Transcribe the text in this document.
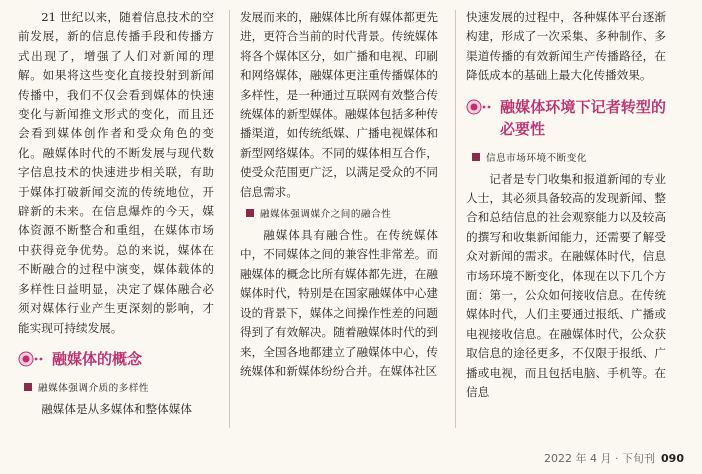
21 世纪以来，随着信息技术的空前发展，新的信息传播手段和传播方式出现了，增强了人们对新闻的理解。如果将这些变化直接投射到新闻传播中，我们不仅会看到媒体的快速变化与新闻推文形式的变化，而且还会看到媒体创作者和受众角色的变化。融媒体时代的不断发展与现代数字信息技术的快速进步相关联，有助于媒体打破新闻交流的传统地位，开辟新的未来。在信息爆炸的今天，媒体资源不断整合和重组，在媒体市场中获得竞争优势。总的来说，媒体在不断融合的过程中演变，媒体载体的多样性日益明显，决定了媒体融合必须对媒体行业产生更深刻的影响，才能实现可持续发展。

融媒体的概念
融媒体强调介质的多样性

融媒体是从多媒体和整体媒体

发展而来的，融媒体比所有媒体都更先进，更符合当前的时代背景。传统媒体将各个媒体区分，如广播和电视、印刷和网络媒体，融媒体更注重传播媒体的多样性，是一种通过互联网有效整合传统媒体的新型媒体。融媒体包括多种传播渠道，如传统纸媒、广播电视媒体和新型网络媒体。不同的媒体相互合作，使受众范围更广泛，以满足受众的不同信息需求。

融媒体强调媒介之间的融合性

融媒体具有融合性。在传统媒体中，不同媒体之间的兼容性非常差。而融媒体的概念比所有媒体都先进，在融媒体时代，特别是在国家融媒体中心建设的背景下，媒体之间操作性差的问题得到了有效解决。随着融媒体时代的到来，全国各地都建立了融媒体中心，传统媒体和新媒体纷纷合并。在媒体社区

快速发展的过程中，各种媒体平台逐渐构建，形成了一次采集、多种制作、多渠道传播的有效新闻生产传播路径，在降低成本的基础上最大化传播效果。

融媒体环境下记者转型的必要性
信息市场环境不断变化

记者是专门收集和报道新闻的专业人士，其必须具备较高的发现新闻、整合和总结信息的社会观察能力以及较高的撰写和收集新闻能力，还需要了解受众对新闻的需求。在融媒体时代，信息市场环境不断变化，体现在以下几个方面：第一，公众如何接收信息。在传统媒体时代，人们主要通过报纸、广播或电视接收信息。在融媒体时代，公众获取信息的途径更多，不仅限于报纸、广播或电视，而且包括电脑、手机等。在信息

2022 年 4 月 · 下旬刊 090
